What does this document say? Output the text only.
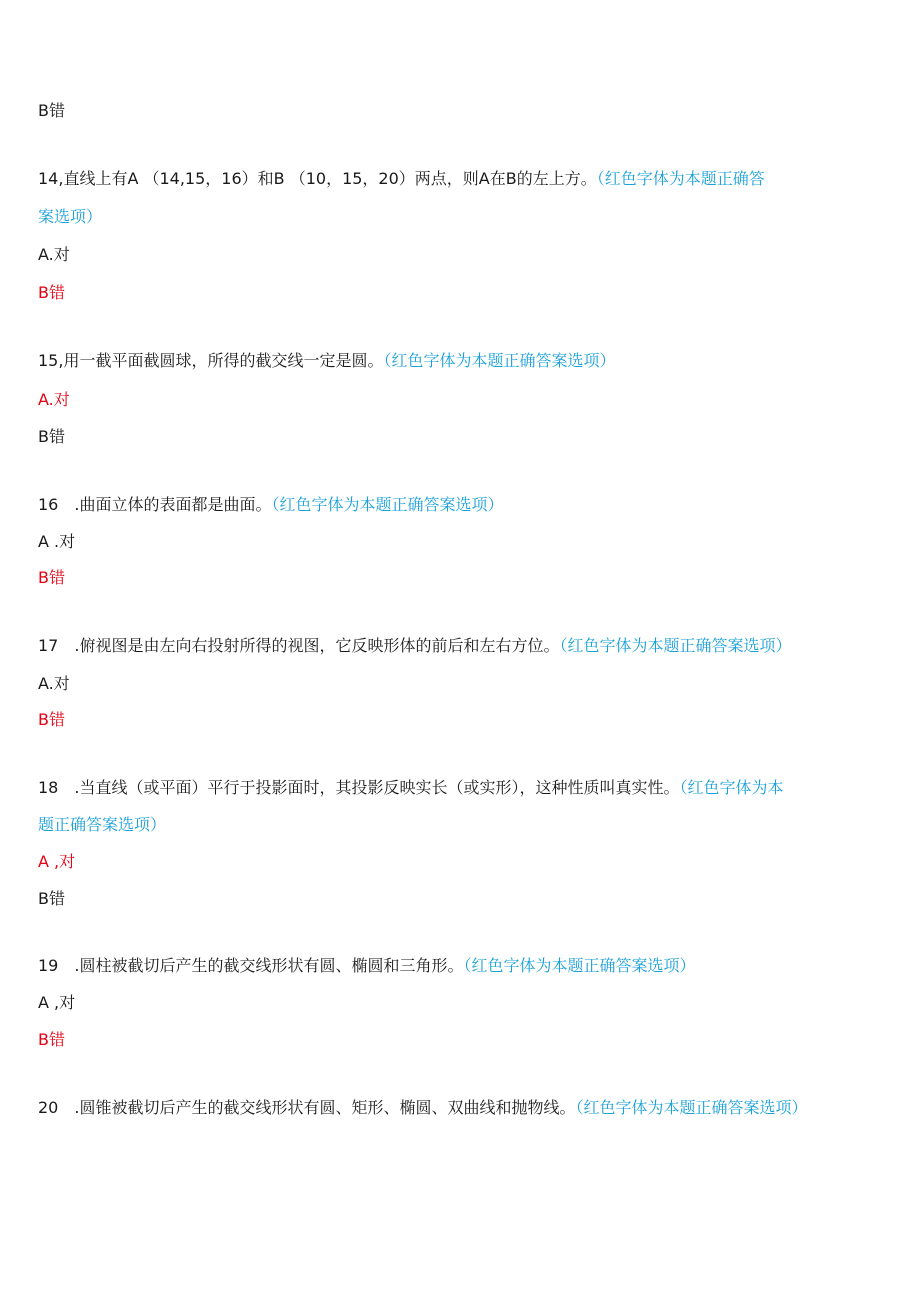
B错
14,直线上有A （14,15，16）和B （10，15，20）两点，则A在B的左上方。（红色字体为本题正确答
案选项）
A.对
B错
15,用一截平面截圆球，所得的截交线一定是圆。（红色字体为本题正确答案选项）
A.对
B错
16　.曲面立体的表面都是曲面。（红色字体为本题正确答案选项）
A .对
B错
17　.俯视图是由左向右投射所得的视图，它反映形体的前后和左右方位。（红色字体为本题正确答案选项）
A.对
B错
18　.当直线（或平面）平行于投影面时，其投影反映实长（或实形），这种性质叫真实性。（红色字体为本
题正确答案选项）
A ,对
B错
19　.圆柱被截切后产生的截交线形状有圆、椭圆和三角形。（红色字体为本题正确答案选项）
A ,对
B错
20　.圆锥被截切后产生的截交线形状有圆、矩形、椭圆、双曲线和抛物线。（红色字体为本题正确答案选项）
